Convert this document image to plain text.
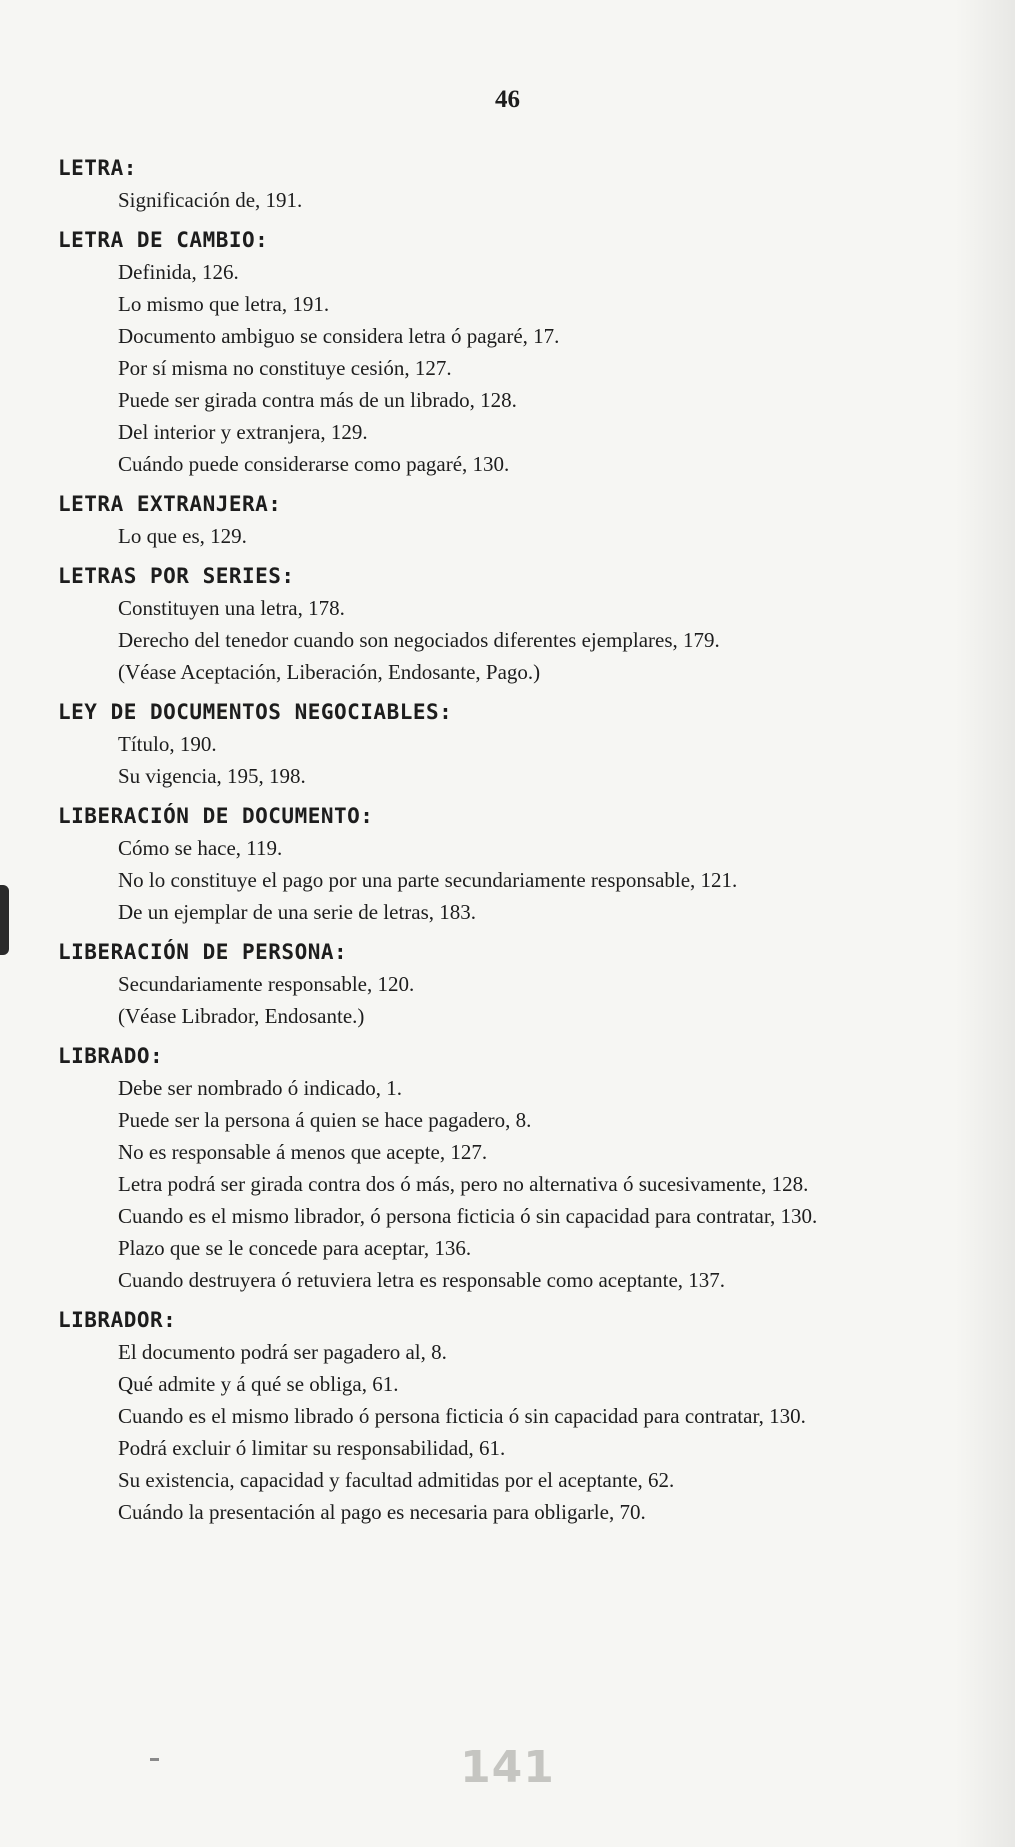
46
LETRA:
Significación de, 191.
LETRA DE CAMBIO:
Definida, 126.
Lo mismo que letra, 191.
Documento ambiguo se considera letra ó pagaré, 17.
Por sí misma no constituye cesión, 127.
Puede ser girada contra más de un librado, 128.
Del interior y extranjera, 129.
Cuándo puede considerarse como pagaré, 130.
LETRA EXTRANJERA:
Lo que es, 129.
LETRAS POR SERIES:
Constituyen una letra, 178.
Derecho del tenedor cuando son negociados diferentes ejemplares, 179.
(Véase Aceptación, Liberación, Endosante, Pago.)
LEY DE DOCUMENTOS NEGOCIABLES:
Título, 190.
Su vigencia, 195, 198.
LIBERACIÓN DE DOCUMENTO:
Cómo se hace, 119.
No lo constituye el pago por una parte secundariamente responsable, 121.
De un ejemplar de una serie de letras, 183.
LIBERACIÓN DE PERSONA:
Secundariamente responsable, 120.
(Véase Librador, Endosante.)
LIBRADO:
Debe ser nombrado ó indicado, 1.
Puede ser la persona á quien se hace pagadero, 8.
No es responsable á menos que acepte, 127.
Letra podrá ser girada contra dos ó más, pero no alternativa ó sucesivamente, 128.
Cuando es el mismo librador, ó persona ficticia ó sin capacidad para contratar, 130.
Plazo que se le concede para aceptar, 136.
Cuando destruyera ó retuviera letra es responsable como aceptante, 137.
LIBRADOR:
El documento podrá ser pagadero al, 8.
Qué admite y á qué se obliga, 61.
Cuando es el mismo librado ó persona ficticia ó sin capacidad para contratar, 130.
Podrá excluir ó limitar su responsabilidad, 61.
Su existencia, capacidad y facultad admitidas por el aceptante, 62.
Cuándo la presentación al pago es necesaria para obligarle, 70.
141
